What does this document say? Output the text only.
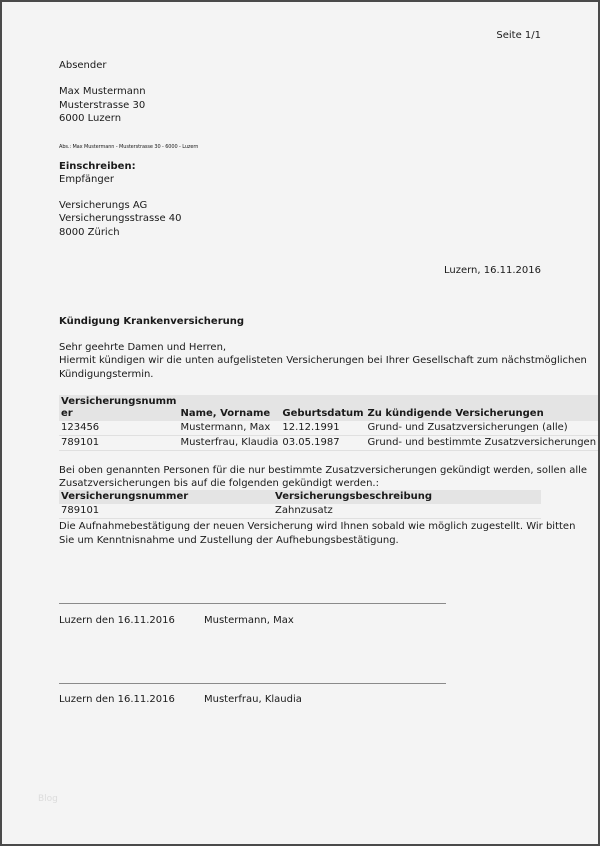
Seite 1/1
Absender
Max Mustermann
Musterstrasse 30
6000 Luzern
Abs.: Max Mustermann - Musterstrasse 30 - 6000 - Luzern
Einschreiben:
Empfänger
Versicherungs AG
Versicherungsstrasse 40
8000 Zürich
Luzern, 16.11.2016
Kündigung Krankenversicherung
Sehr geehrte Damen und Herren,
Hiermit kündigen wir die unten aufgelisteten Versicherungen bei Ihrer Gesellschaft zum nächstmöglichen
Kündigungstermin.
Versicherungsnumm
er	Name, Vorname	Geburtsdatum	Zu kündigende Versicherungen
123456	Mustermann, Max	12.12.1991	Grund- und Zusatzversicherungen (alle)
789101	Musterfrau, Klaudia	03.05.1987	Grund- und bestimmte Zusatzversicherungen
Bei oben genannten Personen für die nur bestimmte Zusatzversicherungen gekündigt werden, sollen alle
Zusatzversicherungen bis auf die folgenden gekündigt werden.:
Versicherungsnummer	Versicherungsbeschreibung
789101	Zahnzusatz
Die Aufnahmebestätigung der neuen Versicherung wird Ihnen sobald wie möglich zugestellt. Wir bitten
Sie um Kenntnisnahme und Zustellung der Aufhebungsbestätigung.
Luzern den 16.11.2016	Mustermann, Max
Luzern den 16.11.2016	Musterfrau, Klaudia
Blog
